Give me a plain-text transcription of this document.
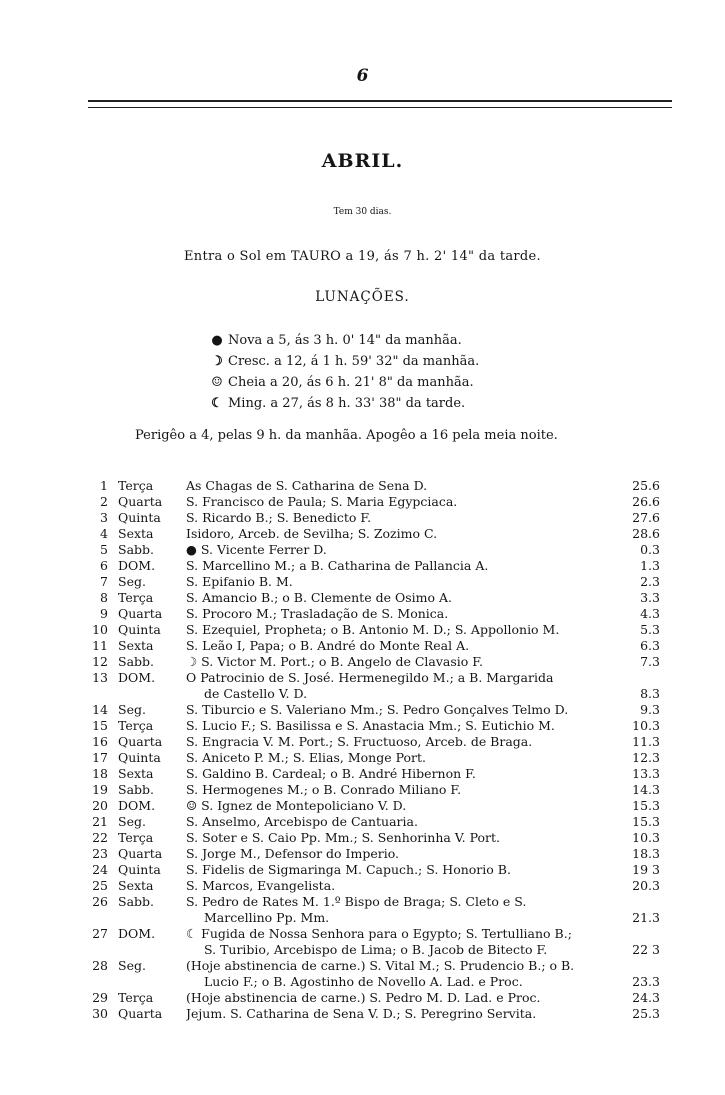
6
ABRIL.
Tem 30 dias.
Entra o Sol em TAURO a 19, ás 7 h. 2' 14" da tarde.
LUNAÇÕES.
● Nova a 5, ás 3 h. 0' 14" da manhãa.
☽ Cresc. a 12, á 1 h. 59' 32" da manhãa.
☺ Cheia a 20, ás 6 h. 21' 8" da manhãa.
☾ Ming. a 27, ás 8 h. 33' 38" da tarde.
Perigêo a 4, pelas 9 h. da manhãa. Apogêo a 16 pela meia noite.
1 Terça	As Chagas de S. Catharina de Sena D.	25.6
2 Quarta	S. Francisco de Paula; S. Maria Egypciaca.	26.6
3 Quinta	S. Ricardo B.; S. Benedicto F.	27.6
4 Sexta	Isidoro, Arceb. de Sevilha; S. Zozimo C.	28.6
5 Sabb.	● S. Vicente Ferrer D.	0.3
6 DOM.	S. Marcellino M.; a B. Catharina de Pallancia A.	1.3
7 Seg.	S. Epifanio B. M.	2.3
8 Terça	S. Amancio B.; o B. Clemente de Osimo A.	3.3
9 Quarta	S. Procoro M.; Trasladação de S. Monica.	4.3
10 Quinta	S. Ezequiel, Propheta; o B. Antonio M. D.; S. Appollonio M.	5.3
11 Sexta	S. Leão I, Papa; o B. André do Monte Real A.	6.3
12 Sabb.	☽ S. Victor M. Port.; o B. Angelo de Clavasio F.	7.3
13 DOM.	O Patrocinio de S. José. Hermenegildo M.; a B. Margarida
de Castello V. D.	8.3
14 Seg.	S. Tiburcio e S. Valeriano Mm.; S. Pedro Gonçalves Telmo D.	9.3
15 Terça	S. Lucio F.; S. Basilissa e S. Anastacia Mm.; S. Eutichio M.	10.3
16 Quarta	S. Engracia V. M. Port.; S. Fructuoso, Arceb. de Braga.	11.3
17 Quinta	S. Aniceto P. M.; S. Elias, Monge Port.	12.3
18 Sexta	S. Galdino B. Cardeal; o B. André Hibernon F.	13.3
19 Sabb.	S. Hermogenes M.; o B. Conrado Miliano F.	14.3
20 DOM.	☺ S. Ignez de Montepoliciano V. D.	15.3
21 Seg.	S. Anselmo, Arcebispo de Cantuaria.	15.3
22 Terça	S. Soter e S. Caio Pp. Mm.; S. Senhorinha V. Port.	10.3
23 Quarta	S. Jorge M., Defensor do Imperio.	18.3
24 Quinta	S. Fidelis de Sigmaringa M. Capuch.; S. Honorio B.	19 3
25 Sexta	S. Marcos, Evangelista.	20.3
26 Sabb.	S. Pedro de Rates M. 1.º Bispo de Braga; S. Cleto e S.
Marcellino Pp. Mm.	21.3
27 DOM.	☾ Fugida de Nossa Senhora para o Egypto; S. Tertulliano B.;
S. Turibio, Arcebispo de Lima; o B. Jacob de Bitecto F.	22 3
28 Seg.	(Hoje abstinencia de carne.) S. Vital M.; S. Prudencio B.; o B.
Lucio F.; o B. Agostinho de Novello A. Lad. e Proc.	23.3
29 Terça	(Hoje abstinencia de carne.) S. Pedro M. D. Lad. e Proc.	24.3
30 Quarta	Jejum. S. Catharina de Sena V. D.; S. Peregrino Servita.	25.3
